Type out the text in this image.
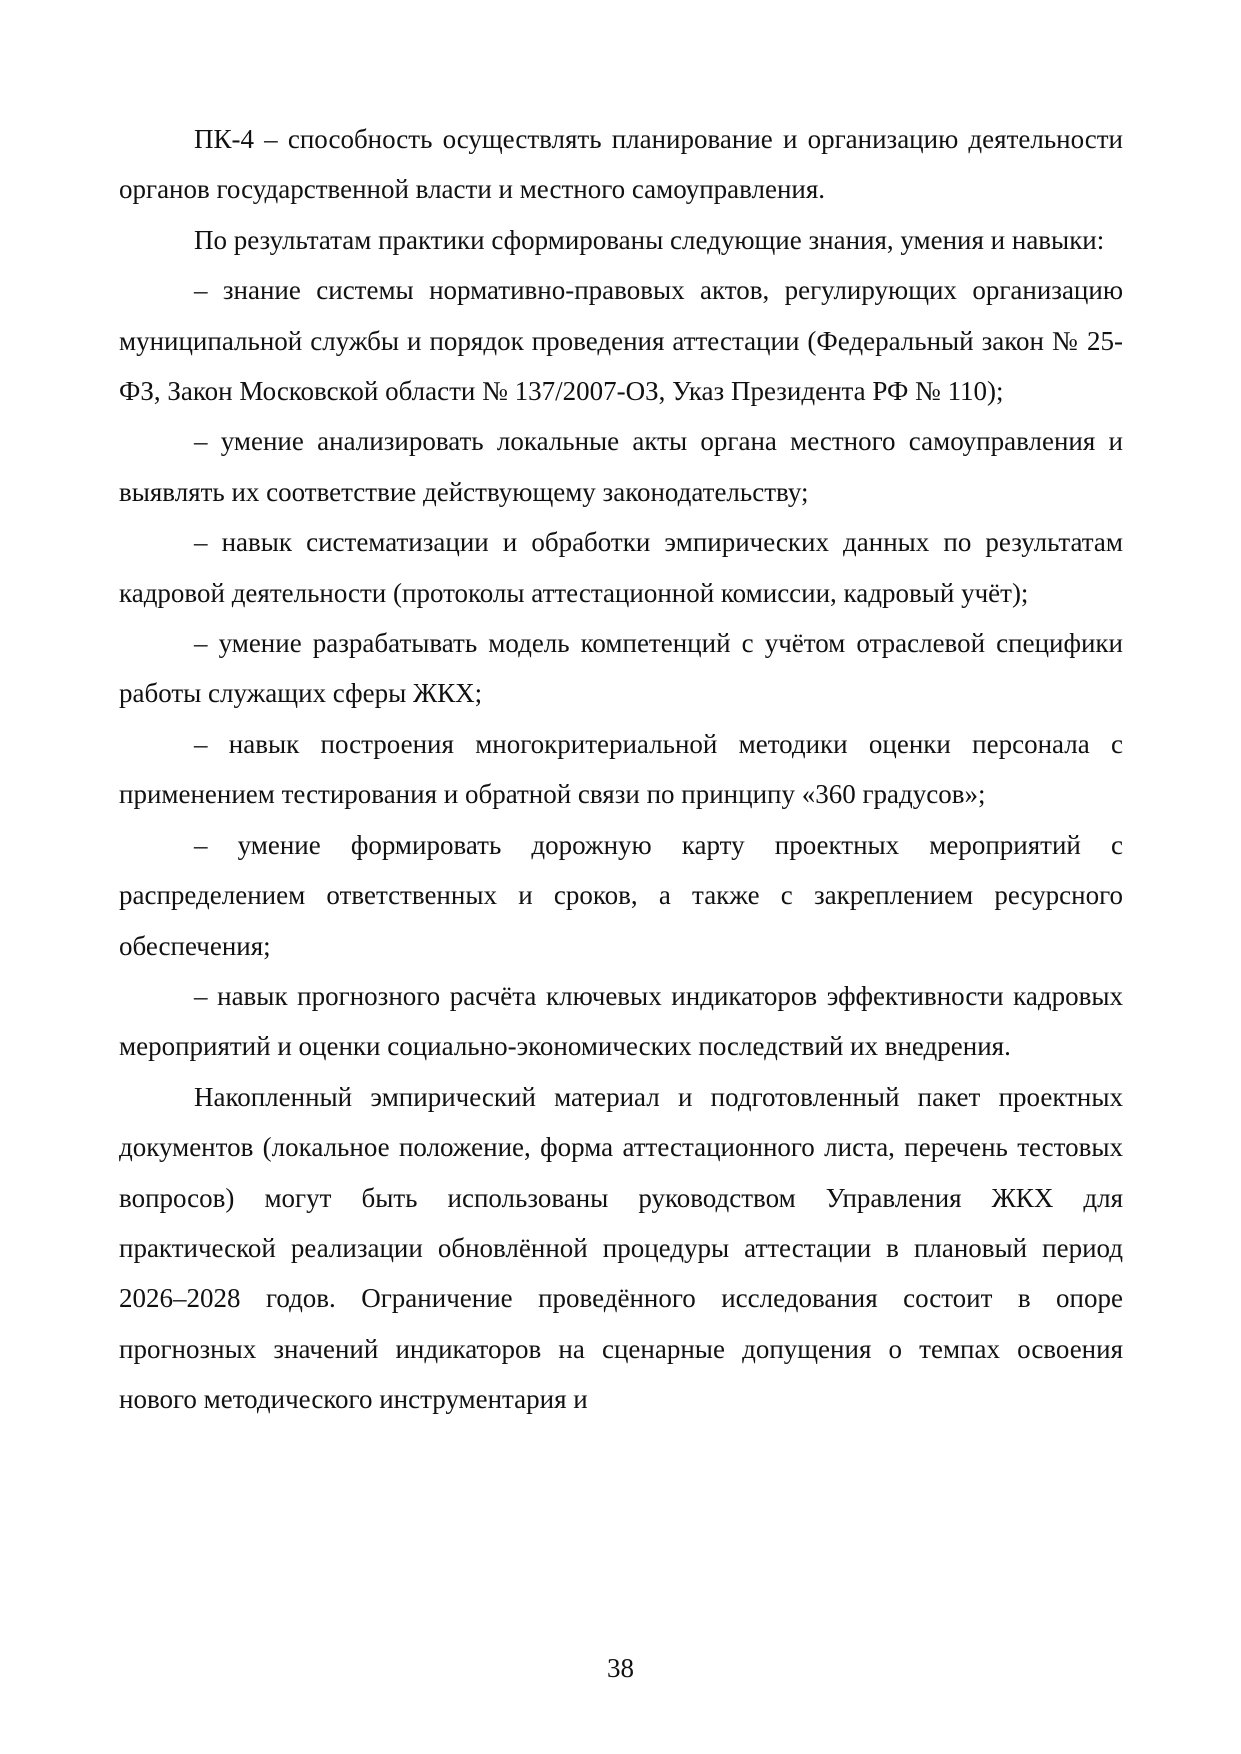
ПК-4 – способность осуществлять планирование и организацию деятельности органов государственной власти и местного самоуправления.

По результатам практики сформированы следующие знания, умения и навыки:

– знание системы нормативно-правовых актов, регулирующих организацию муниципальной службы и порядок проведения аттестации (Федеральный закон № 25-ФЗ, Закон Московской области № 137/2007-ОЗ, Указ Президента РФ № 110);

– умение анализировать локальные акты органа местного самоуправления и выявлять их соответствие действующему законодательству;

– навык систематизации и обработки эмпирических данных по результатам кадровой деятельности (протоколы аттестационной комиссии, кадровый учёт);

– умение разрабатывать модель компетенций с учётом отраслевой специфики работы служащих сферы ЖКХ;

– навык построения многокритериальной методики оценки персонала с применением тестирования и обратной связи по принципу «360 градусов»;

– умение формировать дорожную карту проектных мероприятий с распределением ответственных и сроков, а также с закреплением ресурсного обеспечения;

– навык прогнозного расчёта ключевых индикаторов эффективности кадровых мероприятий и оценки социально-экономических последствий их внедрения.

Накопленный эмпирический материал и подготовленный пакет проектных документов (локальное положение, форма аттестационного листа, перечень тестовых вопросов) могут быть использованы руководством Управления ЖКХ для практической реализации обновлённой процедуры аттестации в плановый период 2026–2028 годов. Ограничение проведённого исследования состоит в опоре прогнозных значений индикаторов на сценарные допущения о темпах освоения нового методического инструментария и

38
